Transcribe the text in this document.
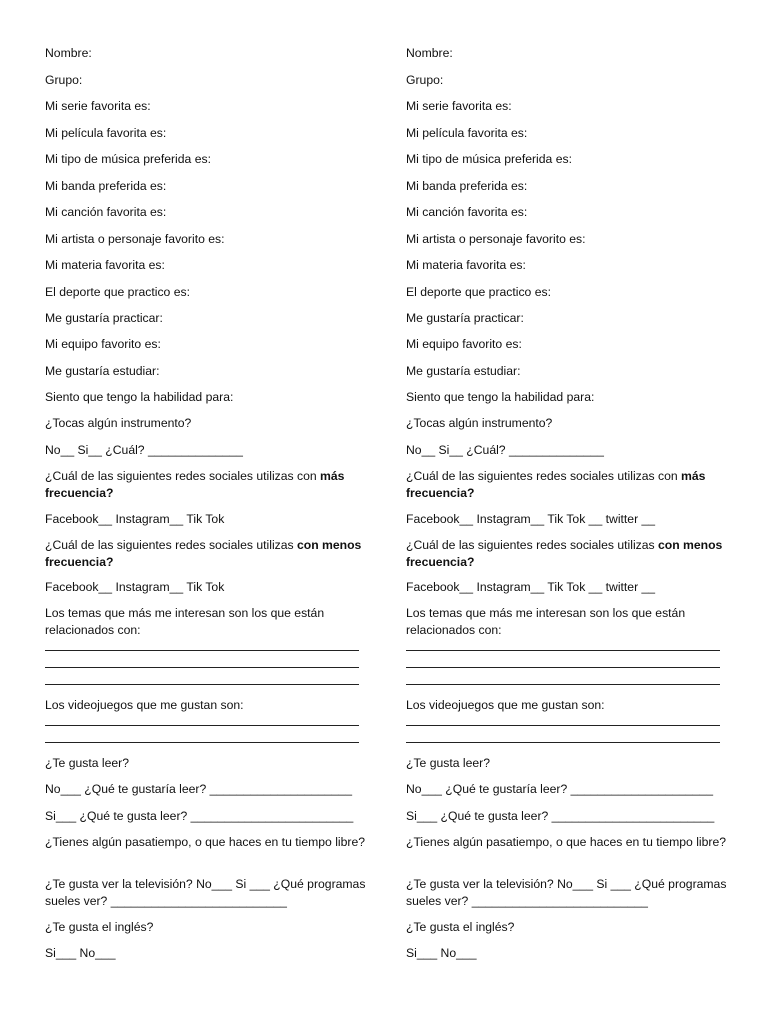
Nombre:
Grupo:
Mi serie favorita es:
Mi película favorita es:
Mi tipo de música preferida es:
Mi banda preferida es:
Mi canción favorita es:
Mi artista o personaje favorito es:
Mi materia favorita es:
El deporte que practico es:
Me gustaría practicar:
Mi equipo favorito es:
Me gustaría estudiar:
Siento que tengo la habilidad para:
¿Tocas algún instrumento?
No__ Si__ ¿Cuál? ______________
¿Cuál de las siguientes redes sociales utilizas con más frecuencia?
Facebook__ Instagram__ Tik Tok
¿Cuál de las siguientes redes sociales utilizas con menos frecuencia?
Facebook__ Instagram__ Tik Tok
Los temas que más me interesan son los que están relacionados con:
Los videojuegos que me gustan son:
¿Te gusta leer?
No___ ¿Qué te gustaría leer? _____________________
Si___ ¿Qué te gusta leer? ________________________
¿Tienes algún pasatiempo, o que haces en tu tiempo libre?
¿Te gusta ver la televisión? No___ Si ___ ¿Qué programas sueles ver? __________________________
¿Te gusta el inglés?
Si___ No___
Nombre:
Grupo:
Mi serie favorita es:
Mi película favorita es:
Mi tipo de música preferida es:
Mi banda preferida es:
Mi canción favorita es:
Mi artista o personaje favorito es:
Mi materia favorita es:
El deporte que practico es:
Me gustaría practicar:
Mi equipo favorito es:
Me gustaría estudiar:
Siento que tengo la habilidad para:
¿Tocas algún instrumento?
No__ Si__ ¿Cuál? ______________
¿Cuál de las siguientes redes sociales utilizas con más frecuencia?
Facebook__ Instagram__ Tik Tok __ twitter __
¿Cuál de las siguientes redes sociales utilizas con menos frecuencia?
Facebook__ Instagram__ Tik Tok __ twitter __
Los temas que más me interesan son los que están relacionados con:
Los videojuegos que me gustan son:
¿Te gusta leer?
No___ ¿Qué te gustaría leer? _____________________
Si___ ¿Qué te gusta leer? ________________________
¿Tienes algún pasatiempo, o que haces en tu tiempo libre?
¿Te gusta ver la televisión? No___ Si ___ ¿Qué programas sueles ver? __________________________
¿Te gusta el inglés?
Si___ No___
